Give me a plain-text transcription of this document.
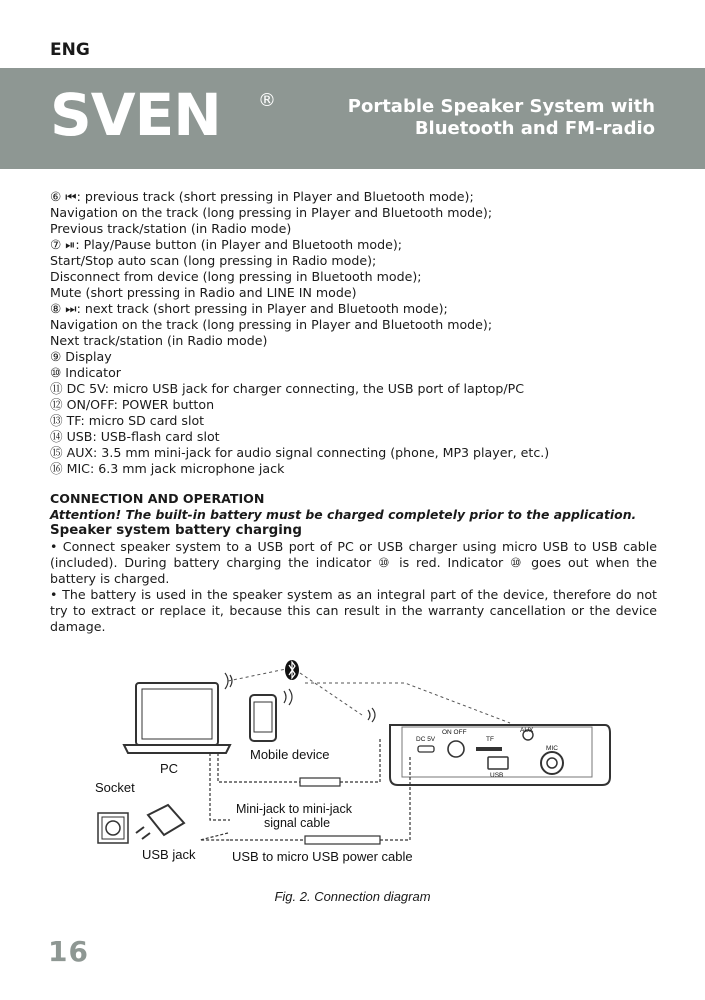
ENG
SVEN ®	Portable Speaker System with
Bluetooth and FM-radio
⑥ ⏮: previous track (short pressing in Player and Bluetooth mode);
Navigation on the track (long pressing in Player and Bluetooth mode);
Previous track/station (in Radio mode)
⑦ ⏯: Play/Pause button (in Player and Bluetooth mode);
Start/Stop auto scan (long pressing in Radio mode);
Disconnect from device (long pressing in Bluetooth mode);
Mute (short pressing in Radio and LINE IN mode)
⑧ ⏭: next track (short pressing in Player and Bluetooth mode);
Navigation on the track (long pressing in Player and Bluetooth mode);
Next track/station (in Radio mode)
⑨ Display
⑩ Indicator
⑪ DC 5V: micro USB jack for charger connecting, the USB port of laptop/PC
⑫ ON/OFF: POWER button
⑬ TF: micro SD card slot
⑭ USB: USB-flash card slot
⑮ AUX: 3.5 mm mini-jack for audio signal connecting (phone, MP3 player, etc.)
⑯ MIC: 6.3 mm jack microphone jack
CONNECTION AND OPERATION
Attention! The built-in battery must be charged completely prior to the application.
Speaker system battery charging
• Connect speaker system to a USB port of PC or USB charger using micro USB to USB cable (included). During battery charging the indicator ⑩ is red. Indicator ⑩ goes out when the battery is charged.
• The battery is used in the speaker system as an integral part of the device, therefore do not try to extract or replace it, because this can result in the warranty cancellation or the device damage.
PC
Mobile device
DC 5V
ON OFF
TF
AUX
USB
MIC
Mini-jack to mini-jack
signal cable
Socket
USB jack	USB to micro USB power cable
Fig. 2. Connection diagram
16
